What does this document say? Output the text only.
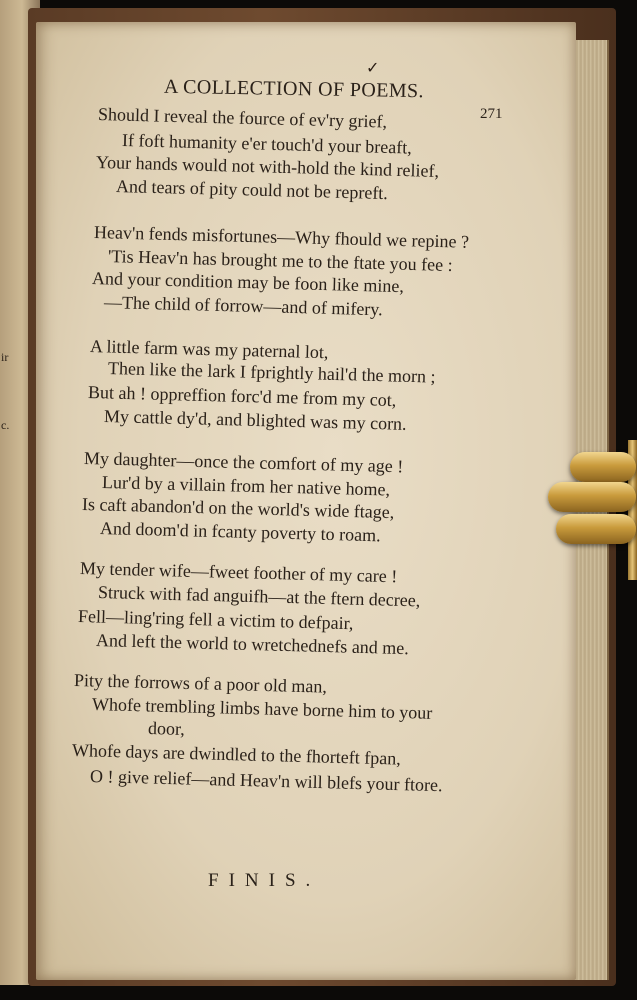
ir
c.
✓
A COLLECTION OF POEMS.
271
Should I reveal the fource of ev'ry grief,
If foft humanity e'er touch'd your breaft,
Your hands would not with-hold the kind relief,
And tears of pity could not be repreft.
Heav'n fends misfortunes—Why fhould we repine ?
'Tis Heav'n has brought me to the ftate you fee :
And your condition may be foon like mine,
—The child of forrow—and of mifery.
A little farm was my paternal lot,
Then like the lark I fprightly hail'd the morn ;
But ah ! oppreffion forc'd me from my cot,
My cattle dy'd, and blighted was my corn.
My daughter—once the comfort of my age !
Lur'd by a villain from her native home,
Is caft abandon'd on the world's wide ftage,
And doom'd in fcanty poverty to roam.
My tender wife—fweet foother of my care !
Struck with fad anguifh—at the ftern decree,
Fell—ling'ring fell a victim to defpair,
And left the world to wretchednefs and me.
Pity the forrows of a poor old man,
Whofe trembling limbs have borne him to your
door,
Whofe days are dwindled to the fhorteft fpan,
O ! give relief—and Heav'n will blefs your ftore.
FINIS.
